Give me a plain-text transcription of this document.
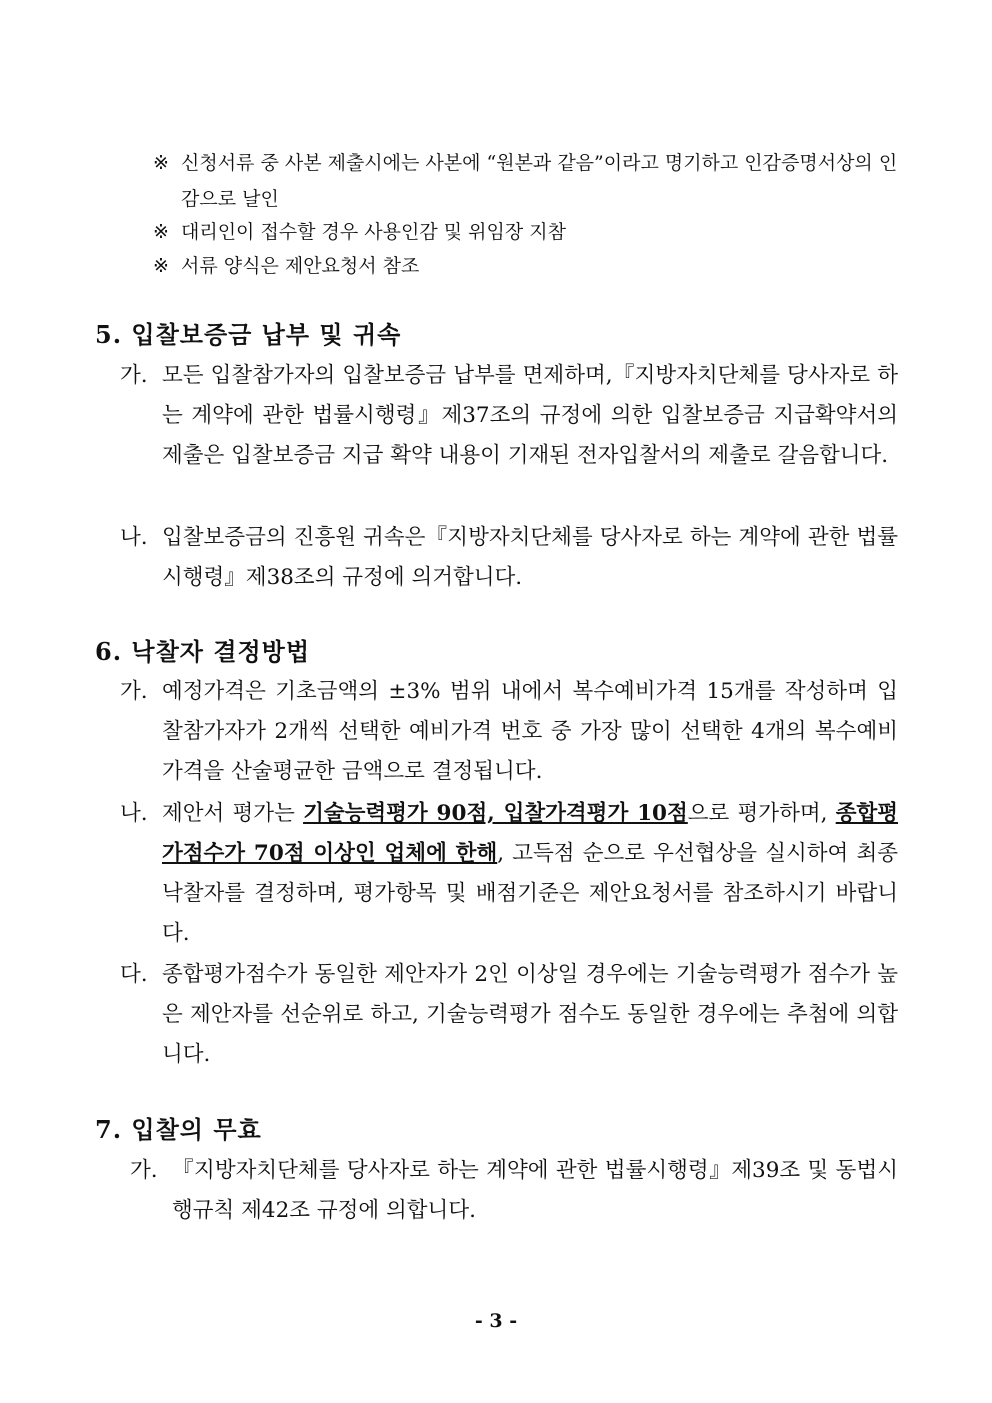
※ 신청서류 중 사본 제출시에는 사본에 “원본과 같음”이라고 명기하고 인감증명서상의 인감으로 날인
※ 대리인이 접수할 경우 사용인감 및 위임장 지참
※ 서류 양식은 제안요청서 참조
5. 입찰보증금 납부 및 귀속
가. 모든 입찰참가자의 입찰보증금 납부를 면제하며,『지방자치단체를 당사자로 하는 계약에 관한 법률시행령』제37조의 규정에 의한 입찰보증금 지급확약서의 제출은 입찰보증금 지급 확약 내용이 기재된 전자입찰서의 제출로 갈음합니다.
나. 입찰보증금의 진흥원 귀속은『지방자치단체를 당사자로 하는 계약에 관한 법률시행령』제38조의 규정에 의거합니다.
6. 낙찰자 결정방법
가. 예정가격은 기초금액의 ±3% 범위 내에서 복수예비가격 15개를 작성하며 입찰참가자가 2개씩 선택한 예비가격 번호 중 가장 많이 선택한 4개의 복수예비가격을 산술평균한 금액으로 결정됩니다.
나. 제안서 평가는 기술능력평가 90점, 입찰가격평가 10점으로 평가하며, 종합평가점수가 70점 이상인 업체에 한해, 고득점 순으로 우선협상을 실시하여 최종낙찰자를 결정하며, 평가항목 및 배점기준은 제안요청서를 참조하시기 바랍니다.
다. 종합평가점수가 동일한 제안자가 2인 이상일 경우에는 기술능력평가 점수가 높은 제안자를 선순위로 하고, 기술능력평가 점수도 동일한 경우에는 추첨에 의합니다.
7. 입찰의 무효
가. 『지방자치단체를 당사자로 하는 계약에 관한 법률시행령』제39조 및 동법시행규칙 제42조 규정에 의합니다.
- 3 -
